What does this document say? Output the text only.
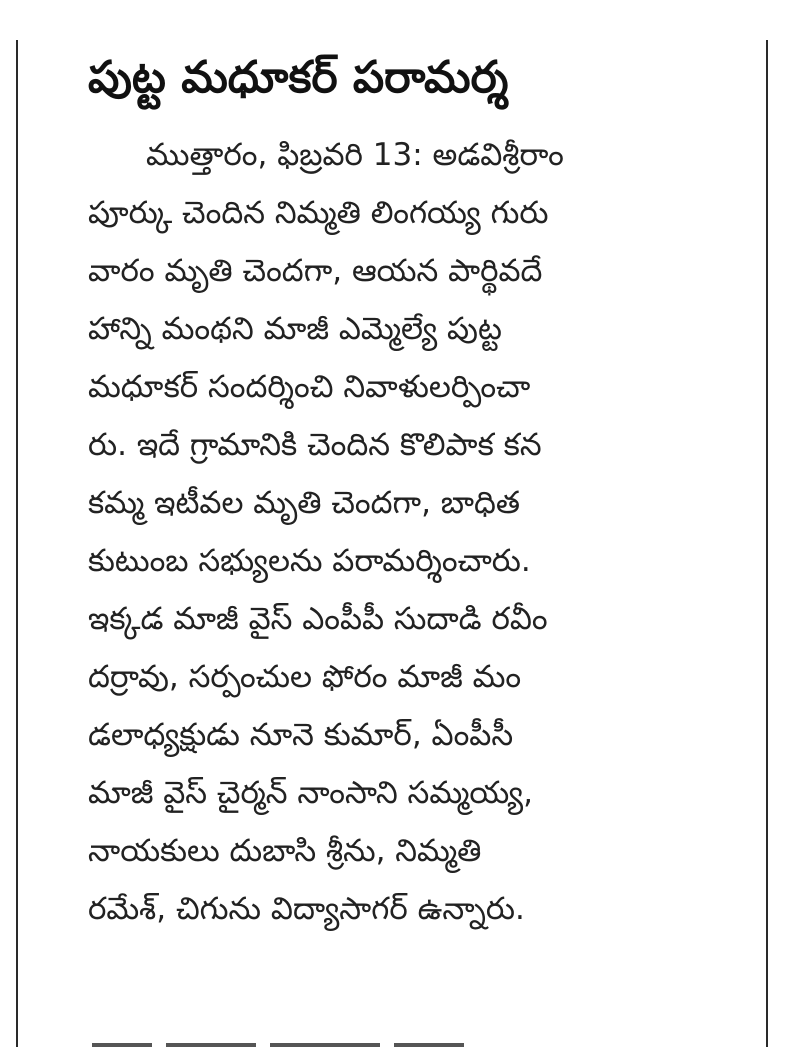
పుట్ట మధూకర్ పరామర్శ
ముత్తారం, ఫిబ్రవరి 13: అడవిశ్రీరాం
పూర్కు చెందిన నిమ్మతి లింగయ్య గురు
వారం మృతి చెందగా, ఆయన పార్థివదే
హాన్ని మంథని మాజీ ఎమ్మెల్యే పుట్ట
మధూకర్ సందర్శించి నివాళులర్పించా
రు. ఇదే గ్రామానికి చెందిన కొలిపాక కన
కమ్మ ఇటీవల మృతి చెందగా, బాధిత
కుటుంబ సభ్యులను పరామర్శించారు.
ఇక్కడ మాజీ వైస్ ఎంపీపీ సుదాడి రవీం
దర్రావు, సర్పంచుల ఫోరం మాజీ మం
డలాధ్యక్షుడు నూనె కుమార్, ఏంపీసీ
మాజీ వైస్ చైర్మన్ నాంసాని సమ్మయ్య,
నాయకులు దుబాసి శ్రీను, నిమ్మతి
రమేశ్, చిగును విద్యాసాగర్ ఉన్నారు.
